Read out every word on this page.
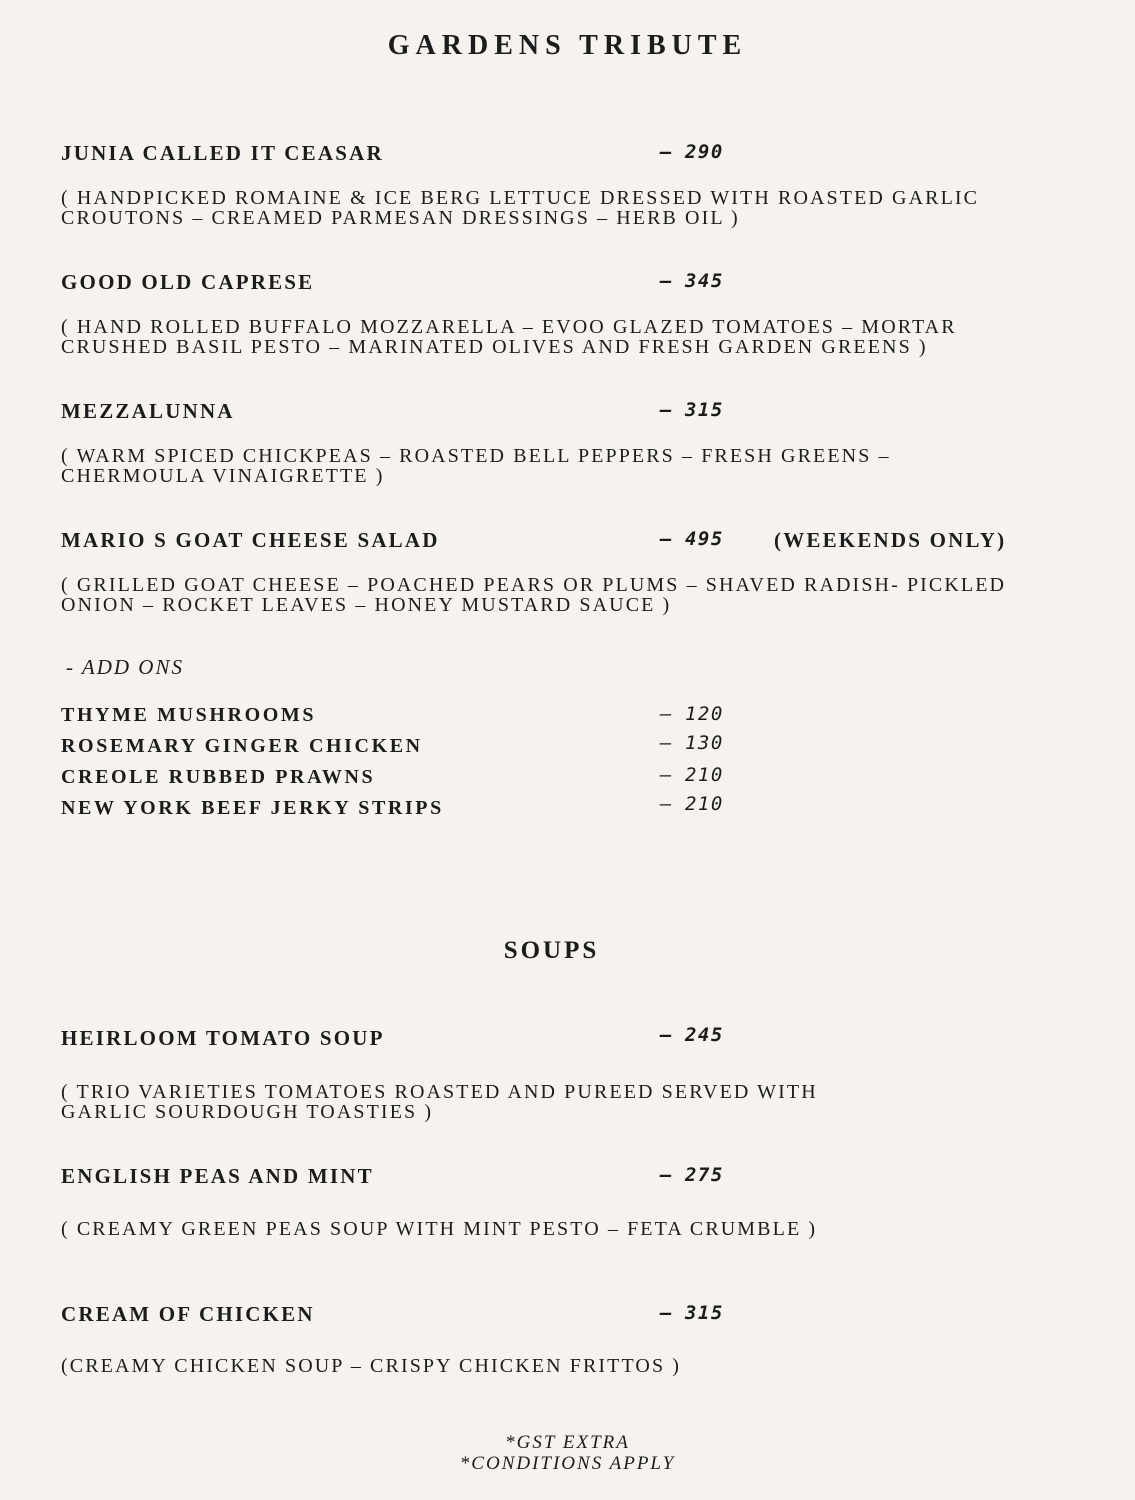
GARDENS TRIBUTE
JUNIA CALLED IT CEASAR	– 290
( HANDPICKED ROMAINE & ICE BERG LETTUCE DRESSED WITH ROASTED GARLIC
CROUTONS – CREAMED PARMESAN DRESSINGS – HERB OIL )
GOOD OLD CAPRESE	– 345
( HAND ROLLED BUFFALO MOZZARELLA – EVOO GLAZED TOMATOES – MORTAR
CRUSHED BASIL PESTO – MARINATED OLIVES AND FRESH GARDEN GREENS )
MEZZALUNNA	– 315
( WARM SPICED CHICKPEAS – ROASTED BELL PEPPERS – FRESH GREENS –
CHERMOULA VINAIGRETTE )
MARIO S GOAT CHEESE SALAD	– 495 (WEEKENDS ONLY)
( GRILLED GOAT CHEESE – POACHED PEARS OR PLUMS – SHAVED RADISH- PICKLED
ONION – ROCKET LEAVES – HONEY MUSTARD SAUCE )
- ADD ONS
THYME MUSHROOMS	– 120
ROSEMARY GINGER CHICKEN	– 130
CREOLE RUBBED PRAWNS	– 210
NEW YORK BEEF JERKY STRIPS	– 210
SOUPS
HEIRLOOM TOMATO SOUP	– 245
( TRIO VARIETIES TOMATOES ROASTED AND PUREED SERVED WITH
GARLIC SOURDOUGH TOASTIES )
ENGLISH PEAS AND MINT	– 275
( CREAMY GREEN PEAS SOUP WITH MINT PESTO – FETA CRUMBLE )
CREAM OF CHICKEN	– 315
(CREAMY CHICKEN SOUP – CRISPY CHICKEN FRITTOS )
*GST EXTRA
*CONDITIONS APPLY
